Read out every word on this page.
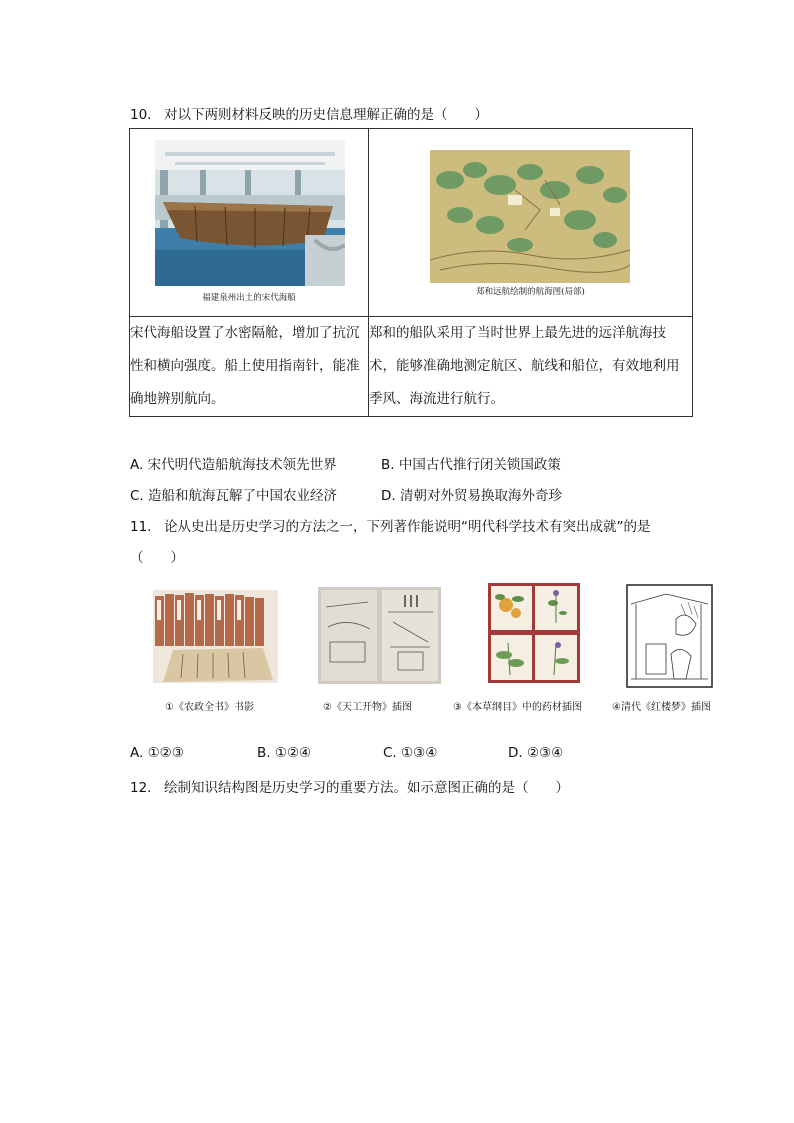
10. 对以下两则材料反映的历史信息理解正确的是（　　）
福建泉州出土的宋代海船	郑和远航绘制的航海图(局部)

宋代海船设置了水密隔舱，增加了抗沉性和横向强度。船上使用指南针，能准确地辨别航向。	郑和的船队采用了当时世界上最先进的远洋航海技术，能够准确地测定航区、航线和船位，有效地利用季风、海流进行航行。
A. 宋代明代造船航海技术领先世界	B. 中国古代推行闭关锁国政策
C. 造船和航海瓦解了中国农业经济	D. 清朝对外贸易换取海外奇珍
11. 论从史出是历史学习的方法之一，下列著作能说明“明代科学技术有突出成就”的是
（　　）
①《农政全书》书影	②《天工开物》插图	③《本草纲目》中的药材插图	④清代《红楼梦》插图
A. ①②③	B. ①②④	C. ①③④	D. ②③④
12. 绘制知识结构图是历史学习的重要方法。如示意图正确的是（　　）
